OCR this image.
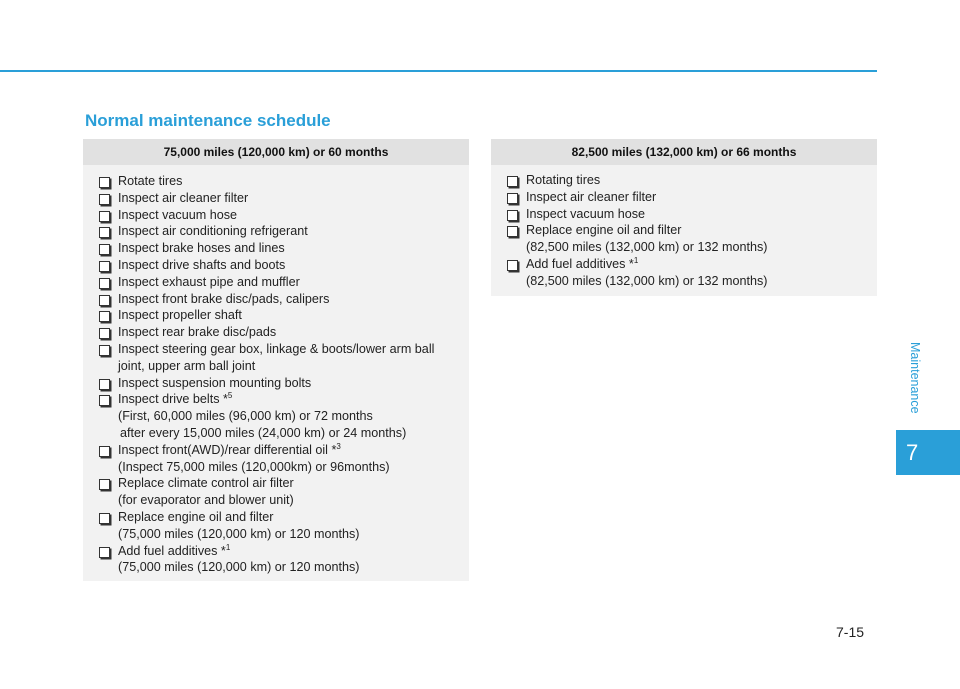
Normal maintenance schedule
75,000 miles (120,000 km) or 60 months
Rotate tires
Inspect air cleaner filter
Inspect vacuum hose
Inspect air conditioning refrigerant
Inspect brake hoses and lines
Inspect drive shafts and boots
Inspect exhaust pipe and muffler
Inspect front brake disc/pads, calipers
Inspect propeller shaft
Inspect rear brake disc/pads
Inspect steering gear box, linkage & boots/lower arm ball
joint, upper arm ball joint
Inspect suspension mounting bolts
Inspect drive belts *$^5$
(First, 60,000 miles (96,000 km) or 72 months
after every 15,000 miles (24,000 km) or 24 months)
Inspect front(AWD)/rear differential oil *$^3$
(Inspect 75,000 miles (120,000km) or 96months)
Replace climate control air filter
(for evaporator and blower unit)
Replace engine oil and filter
(75,000 miles (120,000 km) or 120 months)
Add fuel additives *$^1$
(75,000 miles (120,000 km) or 120 months)
82,500 miles (132,000 km) or 66 months
Rotating tires
Inspect air cleaner filter
Inspect vacuum hose
Replace engine oil and filter
(82,500 miles (132,000 km) or 132 months)
Add fuel additives *$^1$
(82,500 miles (132,000 km) or 132 months)
Maintenance
7
7-15
